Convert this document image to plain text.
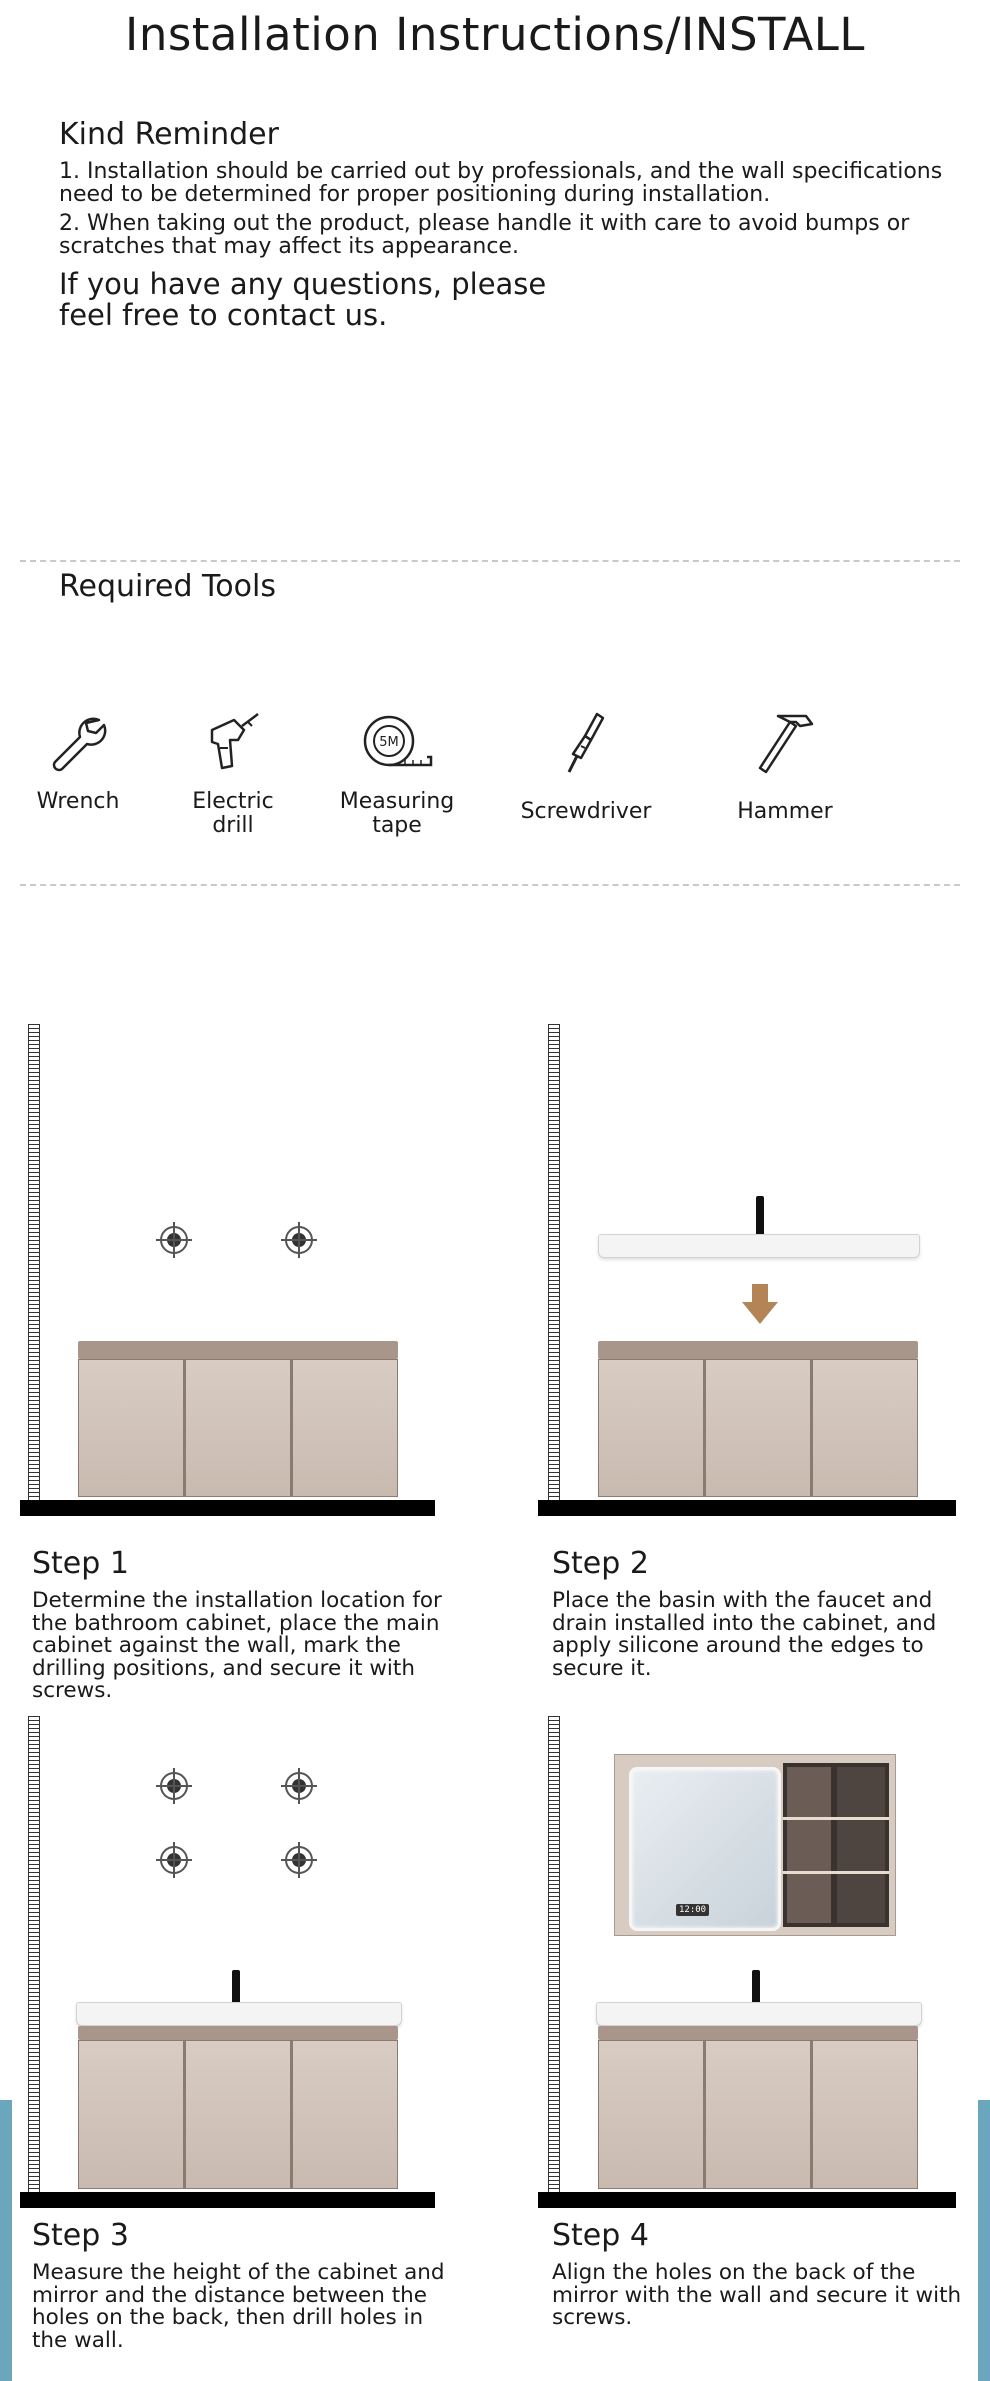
Installation Instructions/INSTALL
Kind Reminder
1. Installation should be carried out by professionals, and the wall specifications need to be determined for proper positioning during installation.
2. When taking out the product, please handle it with care to avoid bumps or scratches that may affect its appearance.
If you have any questions, please
feel free to contact us.
Required Tools
Wrench	Electric drill
5M
Measuring tape
Screwdriver	Hammer
Step 1
Determine the installation location for the bathroom cabinet, place the main cabinet against the wall, mark the drilling positions, and secure it with screws.
Step 2
Place the basin with the faucet and drain installed into the cabinet, and apply silicone around the edges to secure it.
Step 3
Measure the height of the cabinet and mirror and the distance between the holes on the back, then drill holes in the wall.
12:00
Step 4
Align the holes on the back of the mirror with the wall and secure it with screws.
